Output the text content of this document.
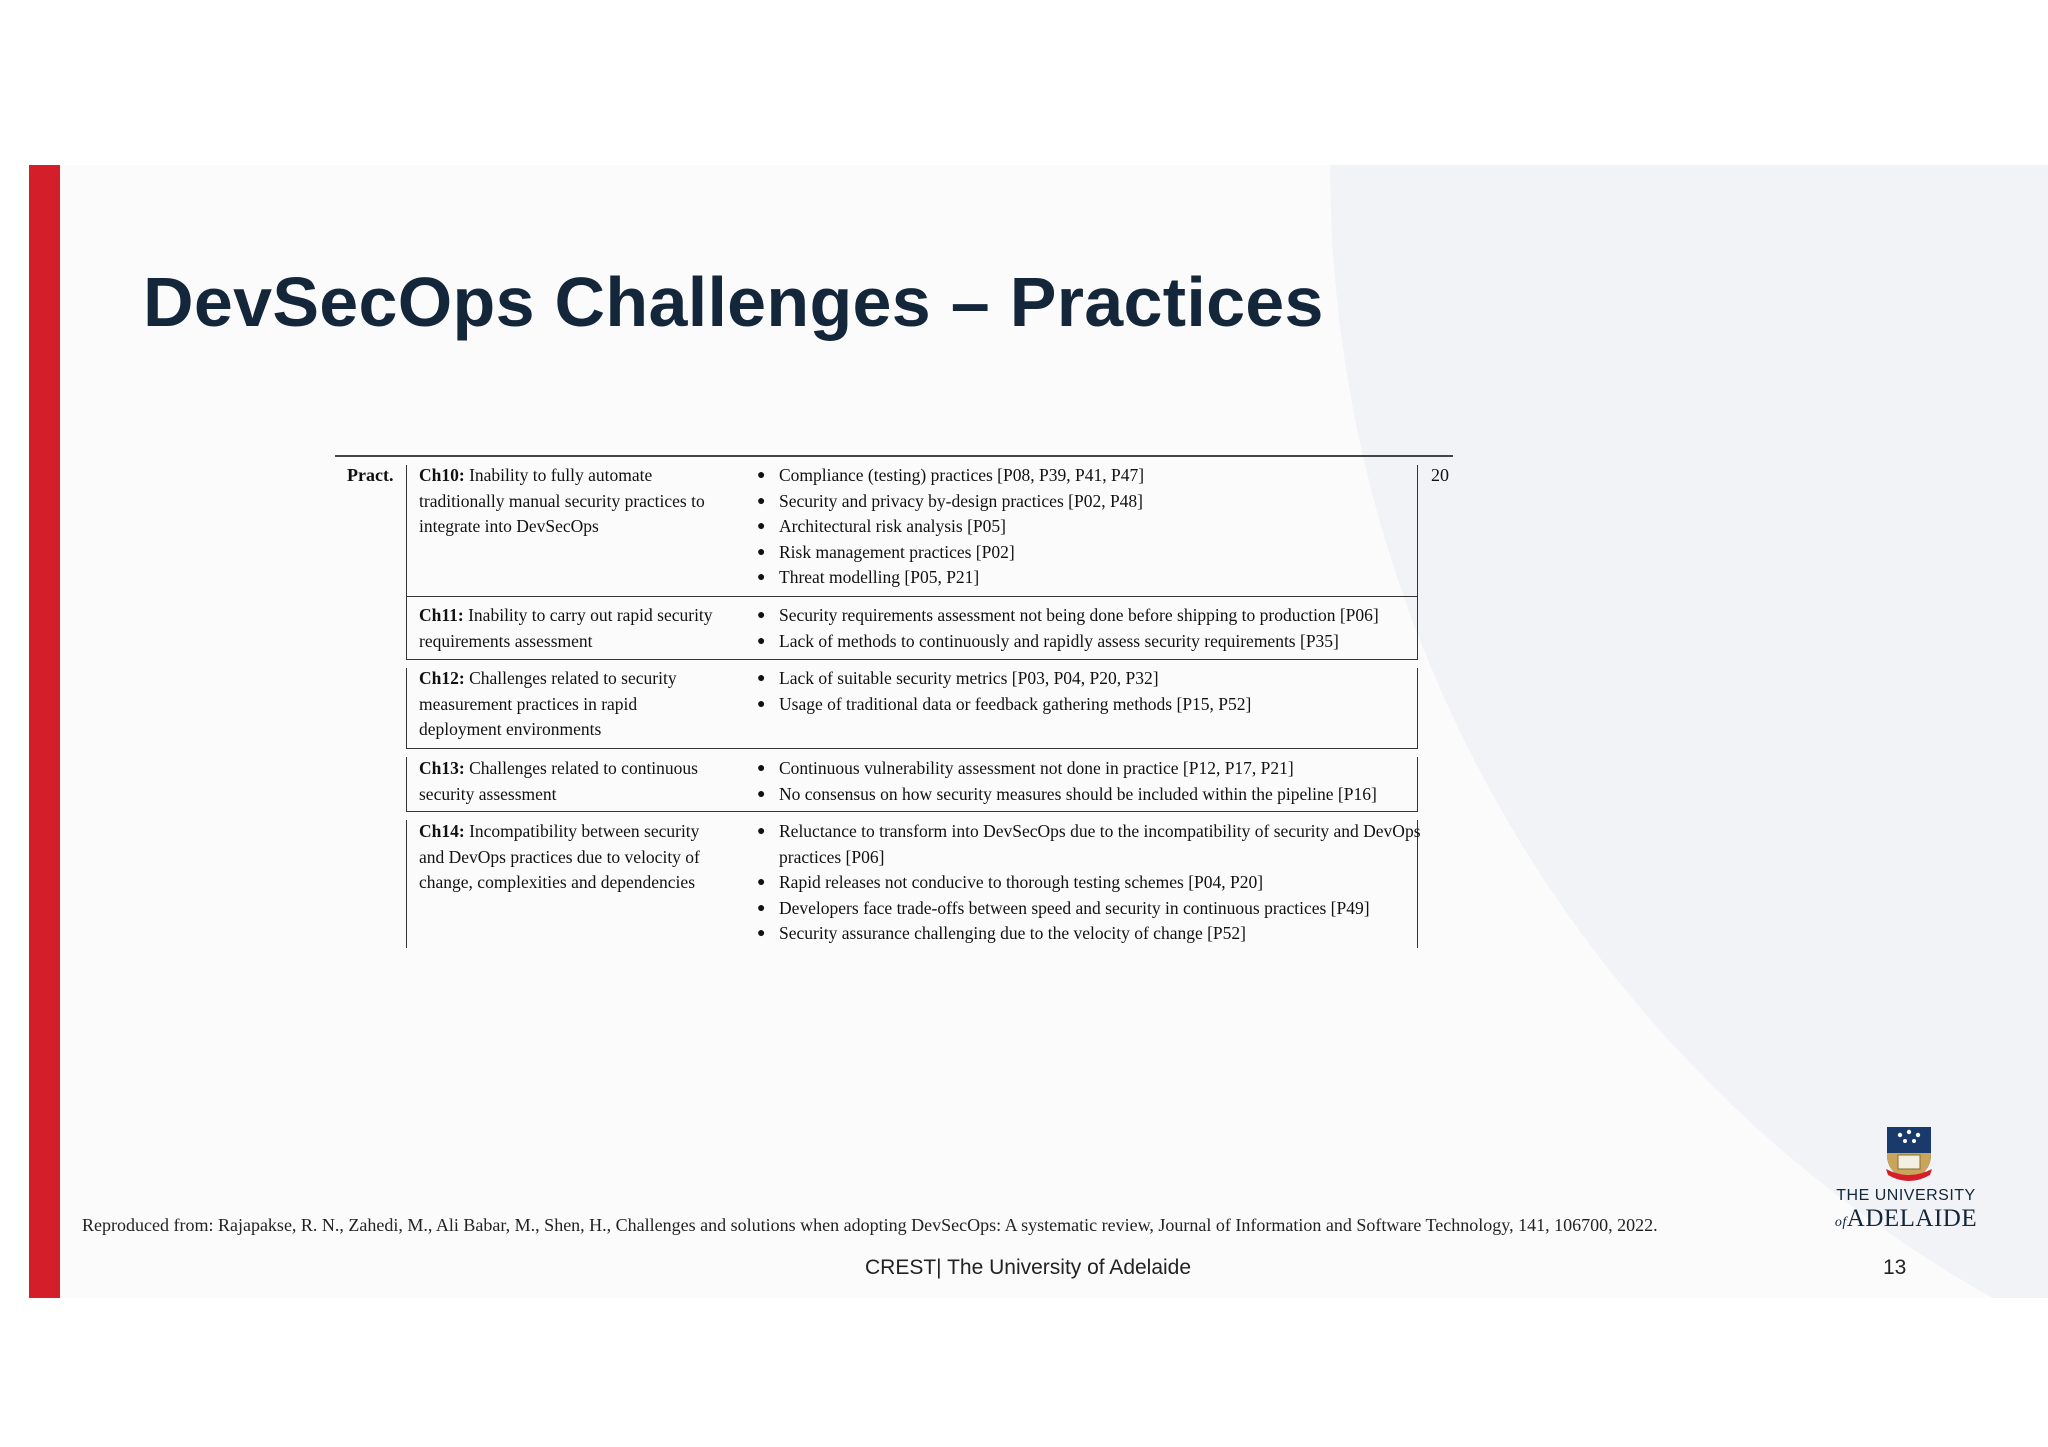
DevSecOps Challenges – Practices
Pract.	20
Ch10: Inability to fully automate traditionally manual security practices to integrate into DevSecOps
● Compliance (testing) practices [P08, P39, P41, P47]
● Security and privacy by-design practices [P02, P48]
● Architectural risk analysis [P05]
● Risk management practices [P02]
● Threat modelling [P05, P21]
Ch11: Inability to carry out rapid security requirements assessment
● Security requirements assessment not being done before shipping to production [P06]
● Lack of methods to continuously and rapidly assess security requirements [P35]
Ch12: Challenges related to security measurement practices in rapid deployment environments
● Lack of suitable security metrics [P03, P04, P20, P32]
● Usage of traditional data or feedback gathering methods [P15, P52]
Ch13: Challenges related to continuous security assessment
● Continuous vulnerability assessment not done in practice [P12, P17, P21]
● No consensus on how security measures should be included within the pipeline [P16]
Ch14: Incompatibility between security and DevOps practices due to velocity of change, complexities and dependencies
● Reluctance to transform into DevSecOps due to the incompatibility of security and DevOps
practices [P06]
● Rapid releases not conducive to thorough testing schemes [P04, P20]
● Developers face trade-offs between speed and security in continuous practices [P49]
● Security assurance challenging due to the velocity of change [P52]

Reproduced from: Rajapakse, R. N., Zahedi, M., Ali Babar, M., Shen, H., Challenges and solutions when adopting DevSecOps: A systematic review, Journal of Information and Software Technology, 141, 106700, 2022.

CREST| The University of Adelaide	13
THE UNIVERSITY
ofADELAIDE
